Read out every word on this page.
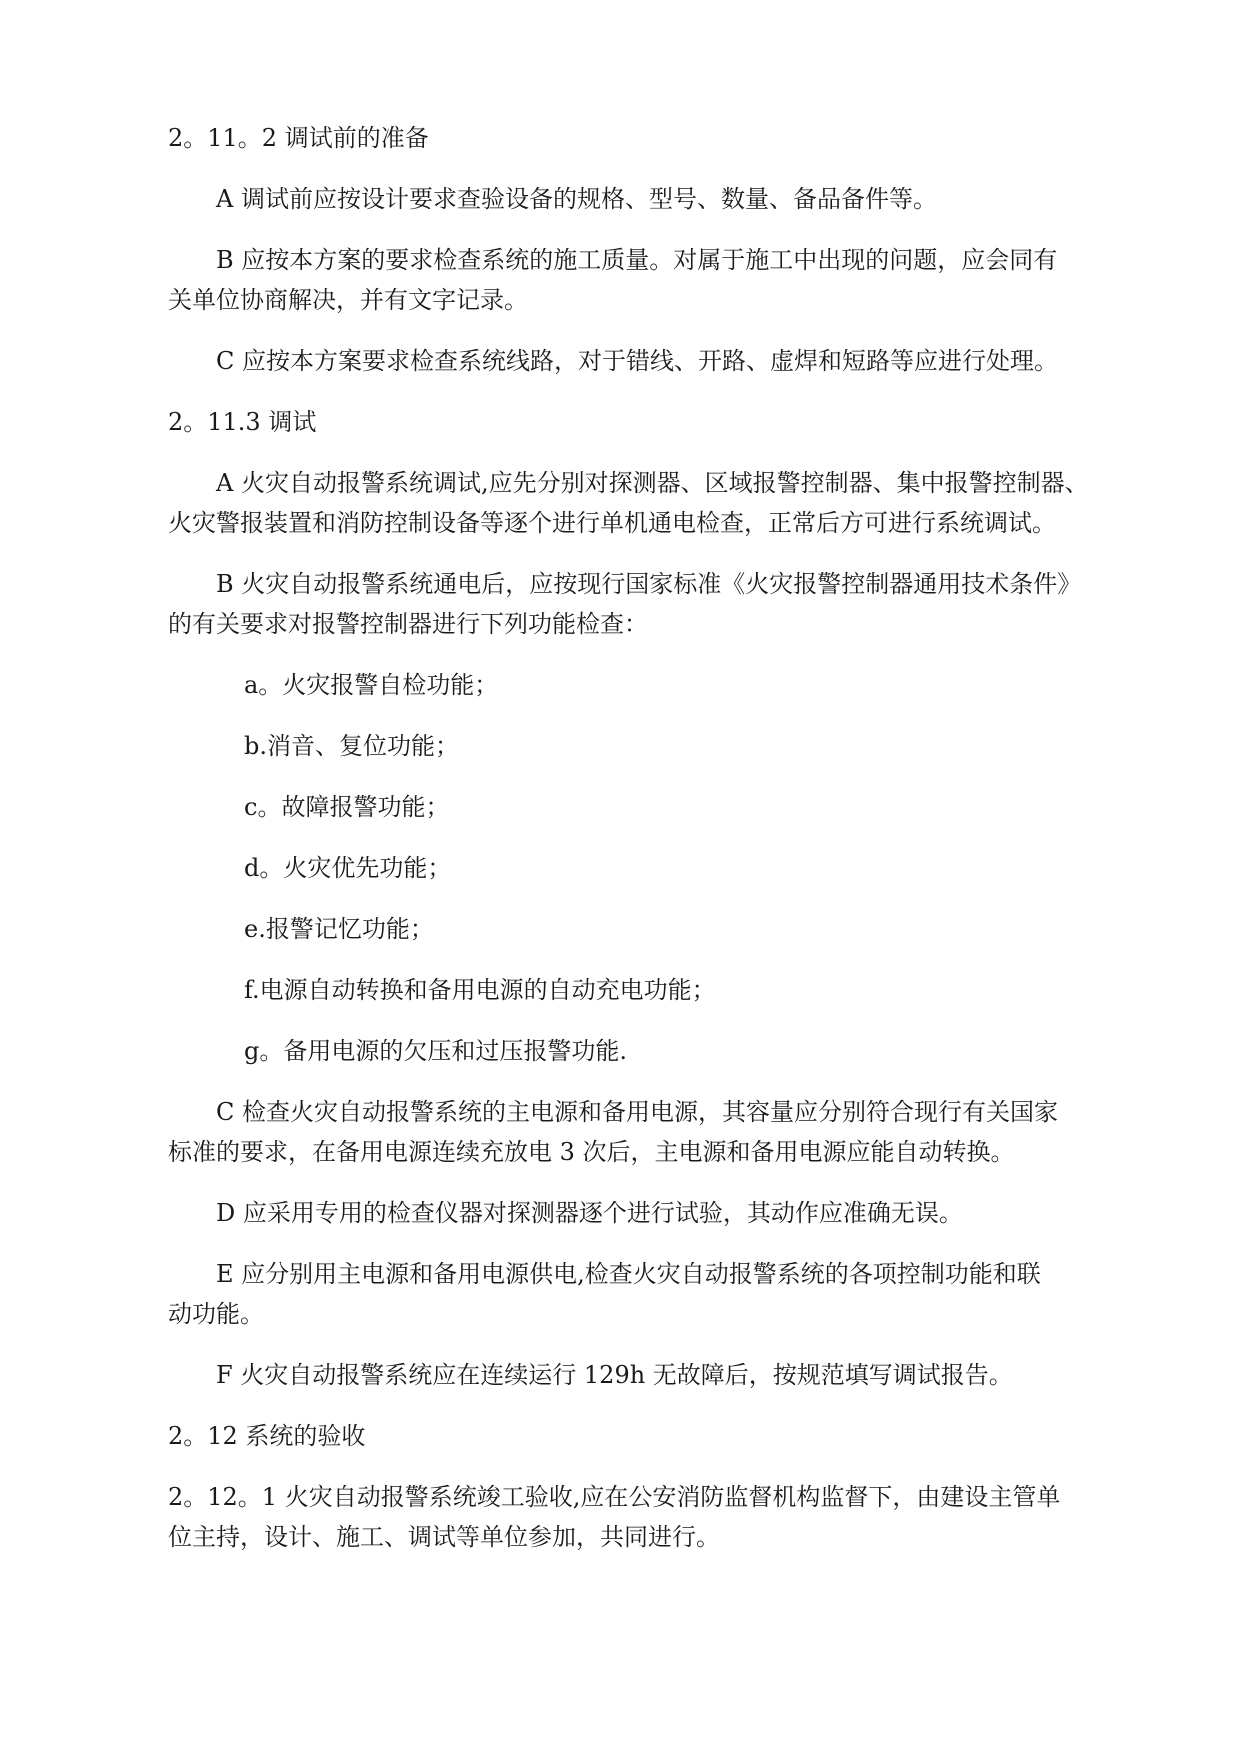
2。11。2 调试前的准备

A 调试前应按设计要求查验设备的规格、型号、数量、备品备件等。

B 应按本方案的要求检查系统的施工质量。对属于施工中出现的问题，应会同有

关单位协商解决，并有文字记录。

C 应按本方案要求检查系统线路，对于错线、开路、虚焊和短路等应进行处理。

2。11.3 调试

A 火灾自动报警系统调试,应先分别对探测器、区域报警控制器、集中报警控制器、

火灾警报装置和消防控制设备等逐个进行单机通电检查，正常后方可进行系统调试。

B 火灾自动报警系统通电后，应按现行国家标准《火灾报警控制器通用技术条件》

的有关要求对报警控制器进行下列功能检查：

a。火灾报警自检功能；

b.消音、复位功能；

c。故障报警功能；

d。火灾优先功能；

e.报警记忆功能；

f.电源自动转换和备用电源的自动充电功能；

g。备用电源的欠压和过压报警功能.

C 检查火灾自动报警系统的主电源和备用电源，其容量应分别符合现行有关国家

标准的要求，在备用电源连续充放电 3 次后，主电源和备用电源应能自动转换。

D 应采用专用的检查仪器对探测器逐个进行试验，其动作应准确无误。

E 应分别用主电源和备用电源供电,检查火灾自动报警系统的各项控制功能和联

动功能。

F 火灾自动报警系统应在连续运行 129h 无故障后，按规范填写调试报告。

2。12 系统的验收

2。12。1 火灾自动报警系统竣工验收,应在公安消防监督机构监督下，由建设主管单

位主持，设计、施工、调试等单位参加，共同进行。
